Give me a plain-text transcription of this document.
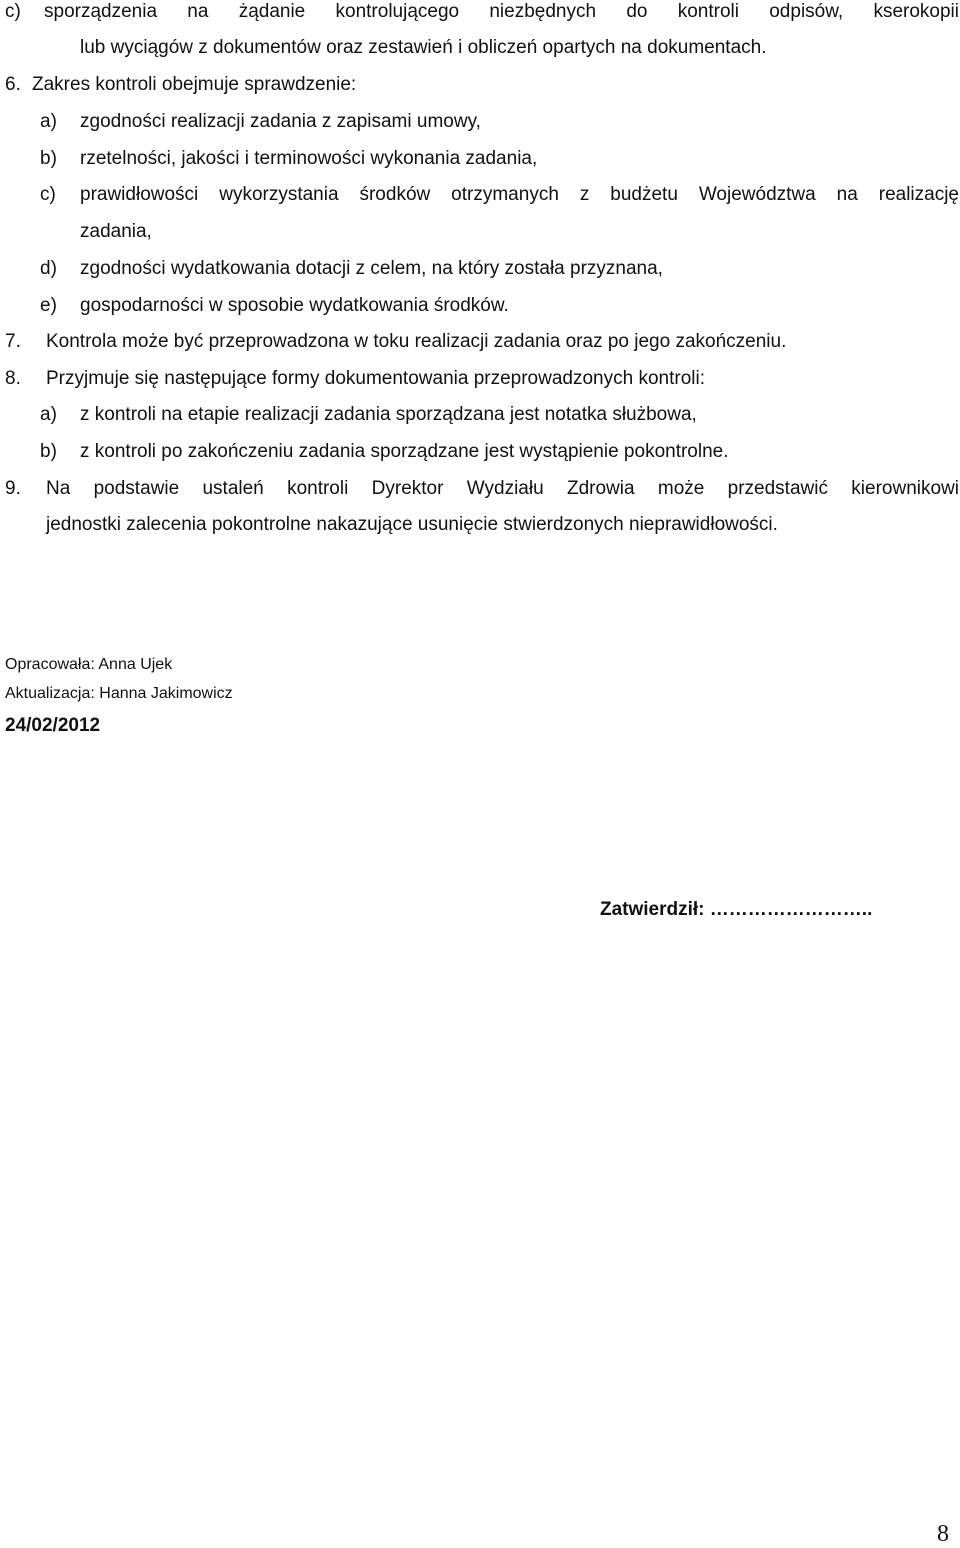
c) sporządzenia na żądanie kontrolującego niezbędnych do kontroli odpisów, kserokopii
lub wyciągów z dokumentów oraz zestawień i obliczeń opartych na dokumentach.
6. Zakres kontroli obejmuje sprawdzenie:
a) zgodności realizacji zadania z zapisami umowy,
b) rzetelności, jakości i terminowości wykonania zadania,
c) prawidłowości wykorzystania środków otrzymanych z budżetu Województwa na realizację
zadania,
d) zgodności wydatkowania dotacji z celem, na który została przyznana,
e) gospodarności w sposobie wydatkowania środków.
7. Kontrola może być przeprowadzona w toku realizacji zadania oraz po jego zakończeniu.
8. Przyjmuje się następujące formy dokumentowania przeprowadzonych kontroli:
a) z kontroli na etapie realizacji zadania sporządzana jest notatka służbowa,
b) z kontroli po zakończeniu zadania sporządzane jest wystąpienie pokontrolne.
9. Na podstawie ustaleń kontroli Dyrektor Wydziału Zdrowia może przedstawić kierownikowi
jednostki zalecenia pokontrolne nakazujące usunięcie stwierdzonych nieprawidłowości.
Opracowała: Anna Ujek
Aktualizacja: Hanna Jakimowicz
24/02/2012
Zatwierdził: ……………………..
8
